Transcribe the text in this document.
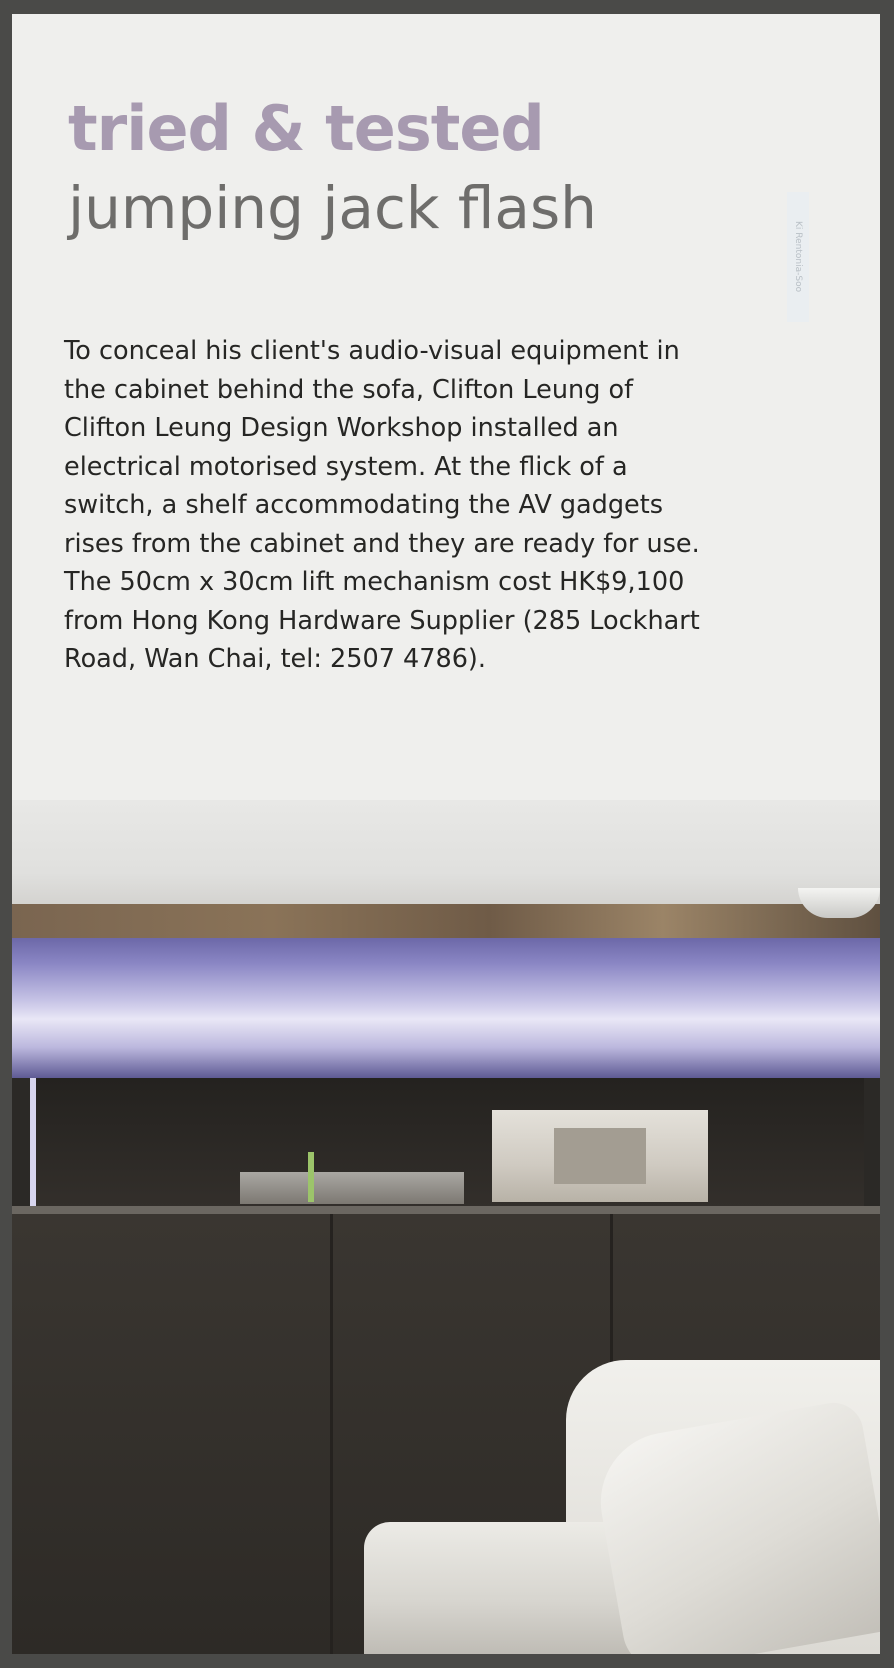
tried & tested
jumping jack flash
Ki Rentonia-Soo

To conceal his client's audio-visual equipment in
the cabinet behind the sofa, Clifton Leung of
Clifton Leung Design Workshop installed an
electrical motorised system. At the flick of a
switch, a shelf accommodating the AV gadgets
rises from the cabinet and they are ready for use.
The 50cm x 30cm lift mechanism cost HK$9,100
from Hong Kong Hardware Supplier (285 Lockhart
Road, Wan Chai, tel: 2507 4786).
